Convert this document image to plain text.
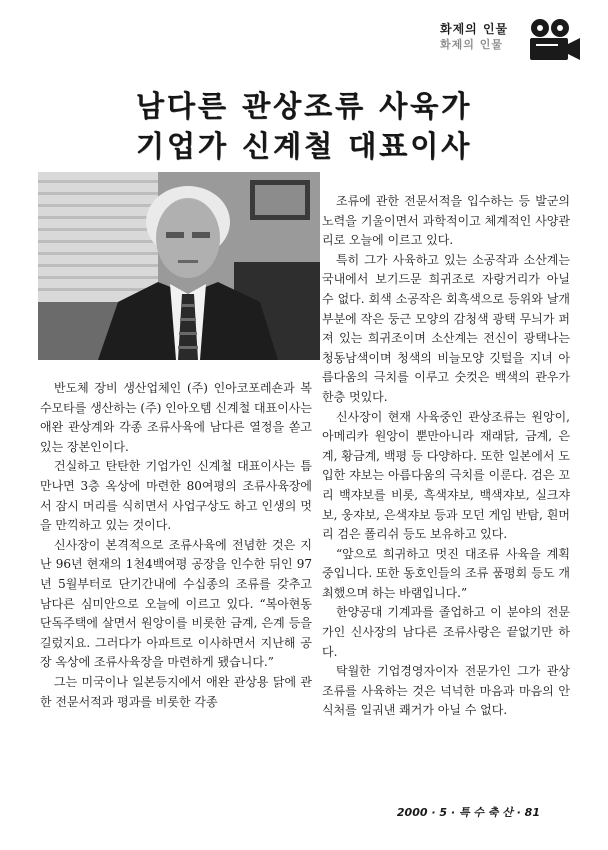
화제의 인물
화제의 인물
남다른 관상조류 사육가
기업가 신계철 대표이사

반도체 장비 생산업체인 (주) 인아코포레숀과 복수모타를 생산하는 (주) 인아오템 신계철 대표이사는 애완 관상계와 각종 조류사육에 남다른 열정을 쏟고 있는 장본인이다.

건실하고 탄탄한 기업가인 신계철 대표이사는 틈만나면 3층 옥상에 마련한 80여평의 조류사육장에서 잠시 머리를 식히면서 사업구상도 하고 인생의 멋을 만끽하고 있는 것이다.

신사장이 본격적으로 조류사육에 전념한 것은 지난 96년 현재의 1천4백여평 공장을 인수한 뒤인 97년 5월부터로 단기간내에 수십종의 조류를 갖추고 남다른 심미안으로 오늘에 이르고 있다. “복아현동 단독주택에 살면서 원앙이를 비롯한 금계, 은계 등을 길렀지요. 그러다가 아파트로 이사하면서 지난해 공장 옥상에 조류사육장을 마련하게 됐습니다.”

그는 미국이나 일본등지에서 애완 관상용 닭에 관한 전문서적과 평과를 비롯한 각종

조류에 관한 전문서적을 입수하는 등 발군의 노력을 기울이면서 과학적이고 체계적인 사양관리로 오늘에 이르고 있다.

특히 그가 사육하고 있는 소공작과 소산계는 국내에서 보기드문 희귀조로 자랑거리가 아닐 수 없다. 회색 소공작은 회흑색으로 등위와 날개부분에 작은 둥근 모양의 감청색 광택 무늬가 퍼져 있는 희귀조이며 소산계는 전신이 광택나는 청동남색이며 청색의 비늘모양 깃털을 지녀 아름다움의 극치를 이루고 숫컷은 백색의 관우가 한층 멋있다.

신사장이 현재 사육중인 관상조류는 원앙이, 아메리카 원앙이 뿐만아니라 재래닭, 금계, 은계, 황금계, 백평 등 다양하다. 또한 일본에서 도입한 쟈보는 아름다움의 극치를 이룬다. 검은 꼬리 백쟈보를 비롯, 흑색쟈보, 백색쟈보, 실크쟈보, 웅쟈보, 은색쟈보 등과 모던 게임 반탐, 흰머리 검은 폴리쉬 등도 보유하고 있다.

“앞으로 희귀하고 멋진 대조류 사육을 계획 중입니다. 또한 동호인들의 조류 품평회 등도 개최했으며 하는 바램입니다.”

한양공대 기계과를 졸업하고 이 분야의 전문가인 신사장의 남다른 조류사랑은 끝없기만 하다.

탁월한 기업경영자이자 전문가인 그가 관상조류를 사육하는 것은 넉넉한 마음과 마음의 안식처를 일궈낸 쾌거가 아닐 수 없다.

2000 · 5 · 특 수 축 산 · 81
